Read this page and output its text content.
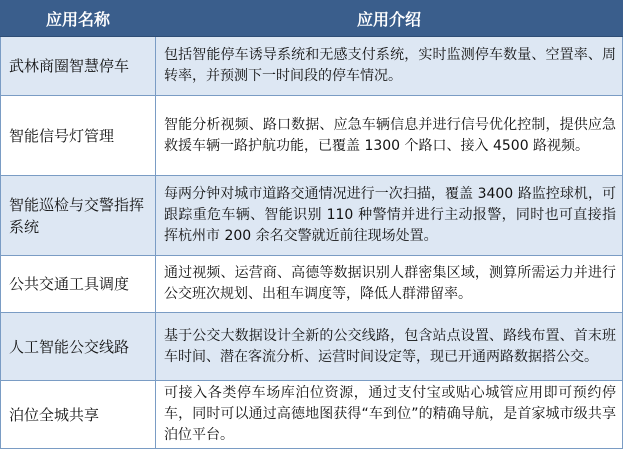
应用名称	应用介绍
武林商圈智慧停车	包括智能停车诱导系统和无感支付系统，实时监测停车数量、空置率、周转率，并预测下一时间段的停车情况。
智能信号灯管理	智能分析视频、路口数据、应急车辆信息并进行信号优化控制，提供应急救援车辆一路护航功能，已覆盖 1300 个路口、接入 4500 路视频。
智能巡检与交警指挥系统	每两分钟对城市道路交通情况进行一次扫描，覆盖 3400 路监控球机，可跟踪重危车辆、智能识别 110 种警情并进行主动报警，同时也可直接指挥杭州市 200 余名交警就近前往现场处置。
公共交通工具调度	通过视频、运营商、高德等数据识别人群密集区域，测算所需运力并进行公交班次规划、出租车调度等，降低人群滞留率。
人工智能公交线路	基于公交大数据设计全新的公交线路，包含站点设置、路线布置、首末班车时间、潜在客流分析、运营时间设定等，现已开通两路数据搭公交。
泊位全城共享	可接入各类停车场库泊位资源，通过支付宝或贴心城管应用即可预约停车，同时可以通过高德地图获得“车到位”的精确导航，是首家城市级共享泊位平台。
